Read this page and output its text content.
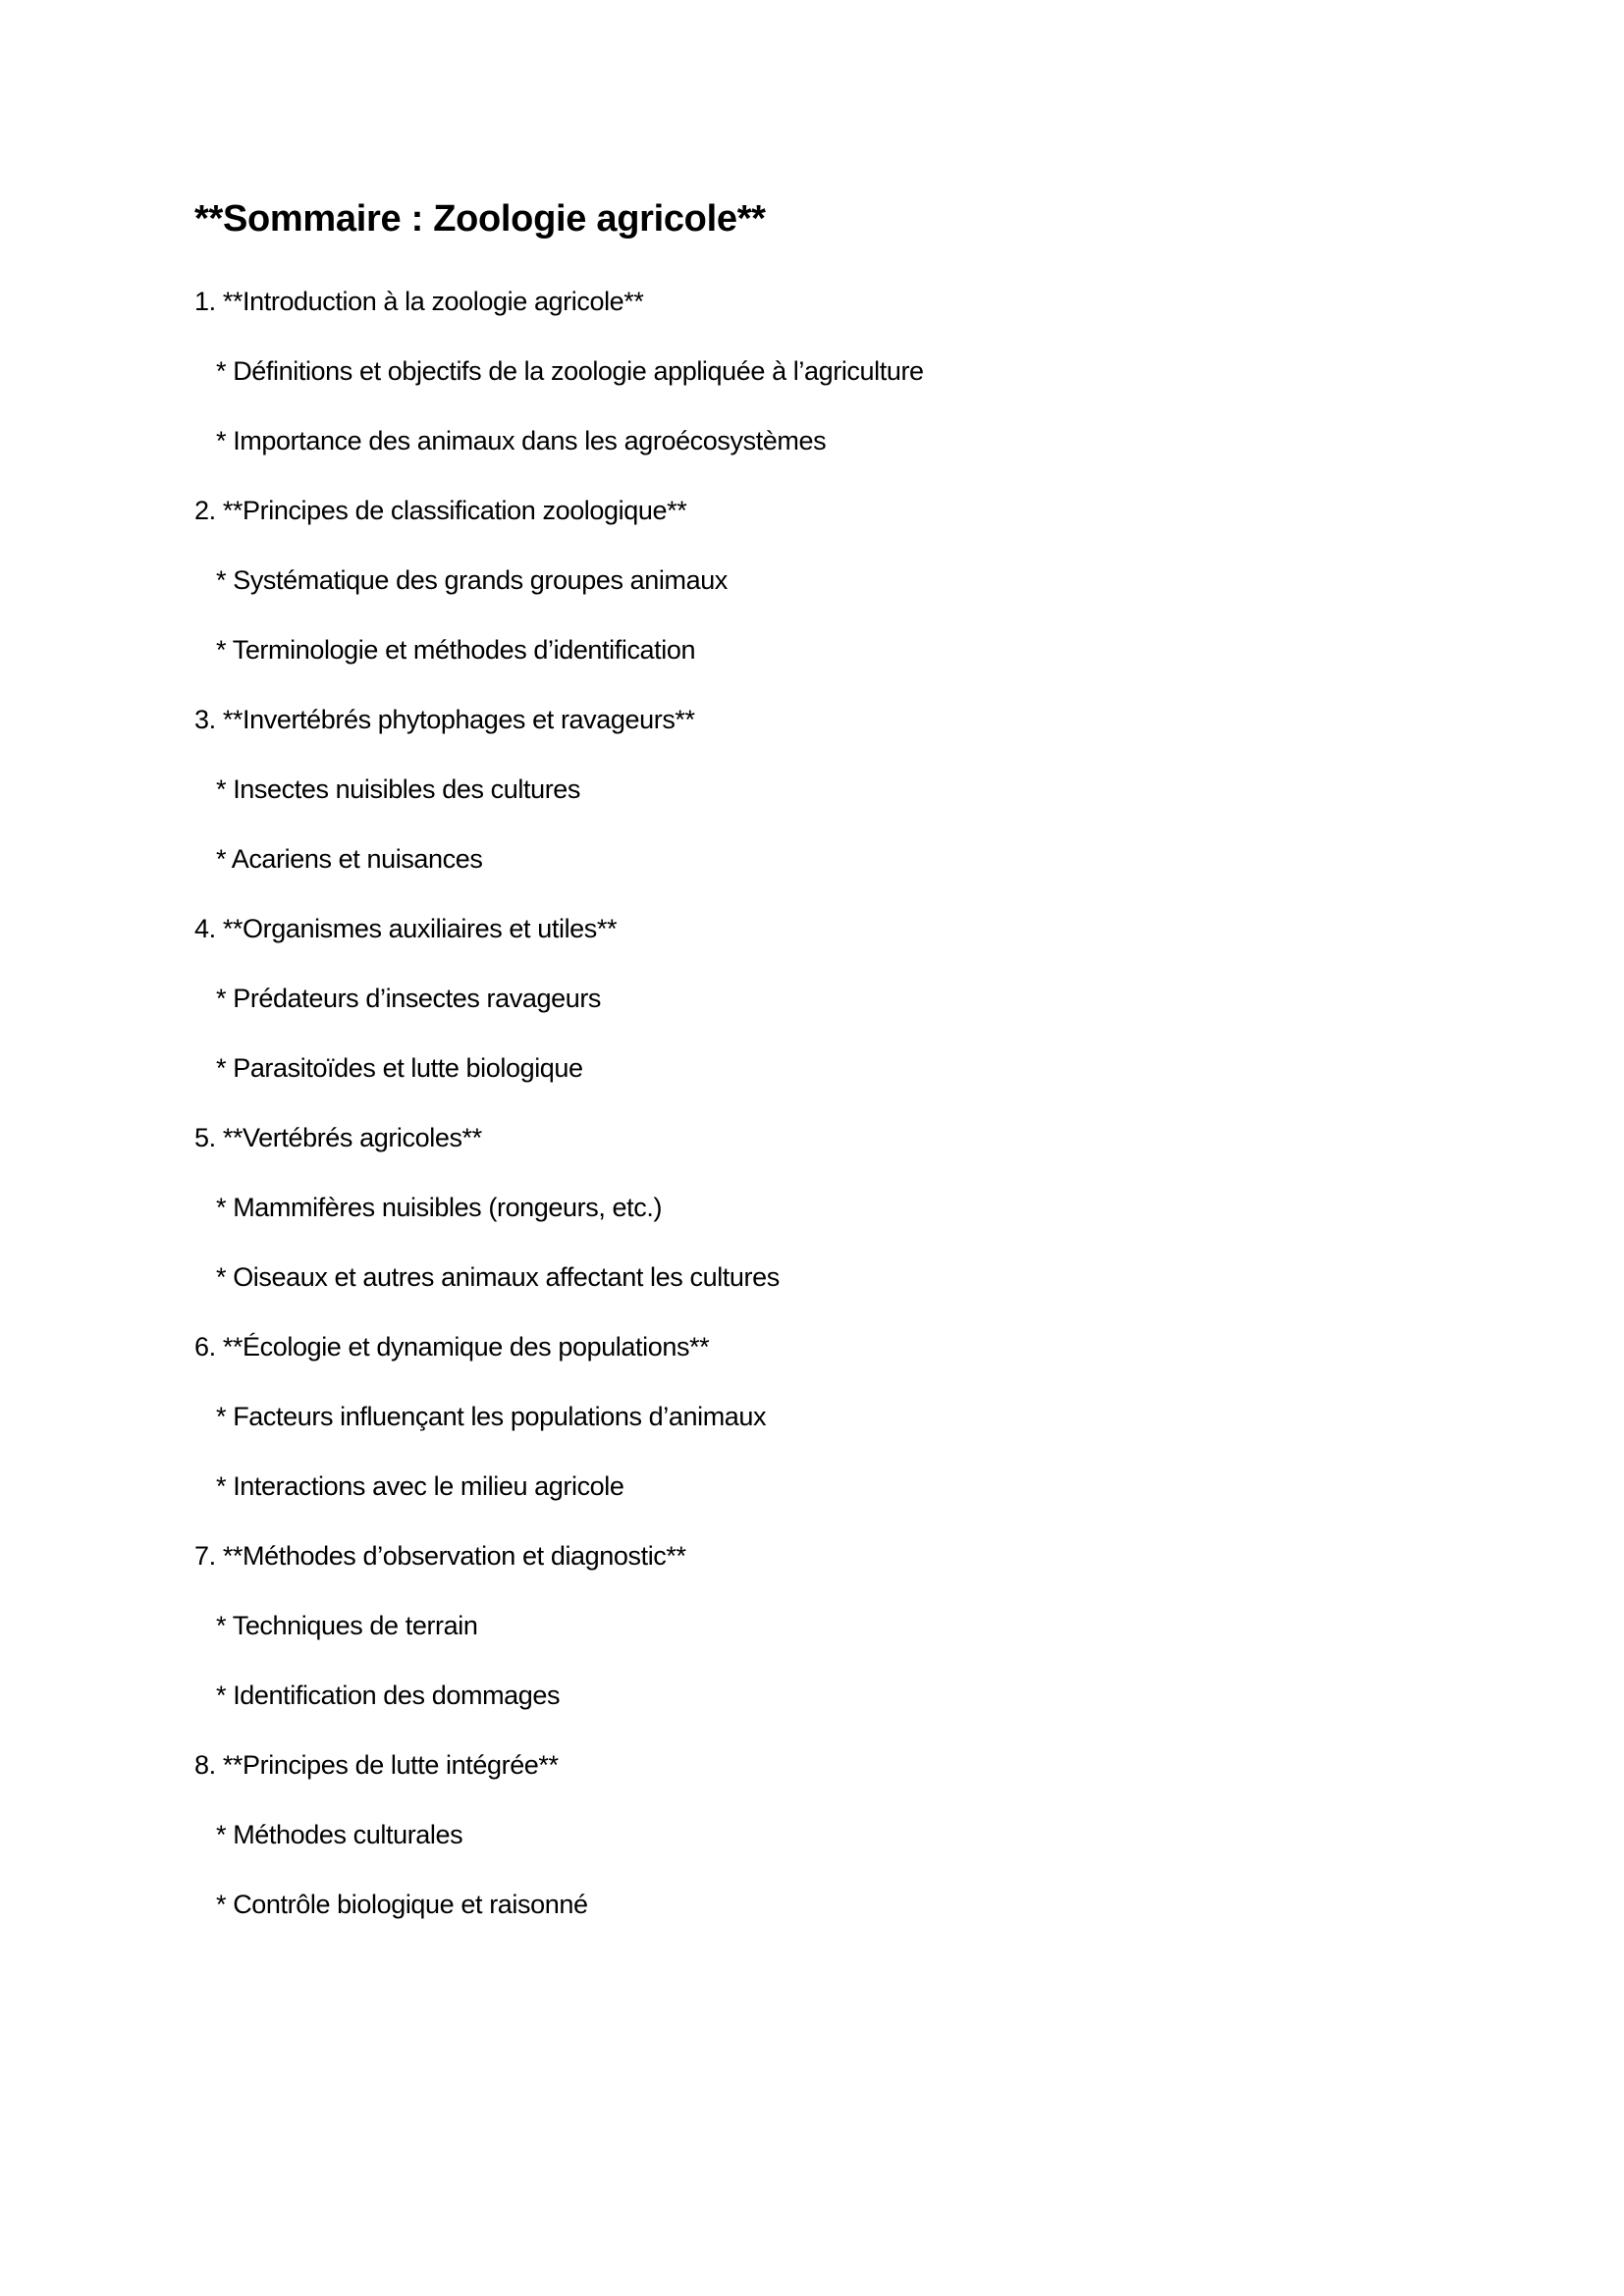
**Sommaire : Zoologie agricole**
1. **Introduction à la zoologie agricole**
* Définitions et objectifs de la zoologie appliquée à l’agriculture
* Importance des animaux dans les agroécosystèmes
2. **Principes de classification zoologique**
* Systématique des grands groupes animaux
* Terminologie et méthodes d’identification
3. **Invertébrés phytophages et ravageurs**
* Insectes nuisibles des cultures
* Acariens et nuisances
4. **Organismes auxiliaires et utiles**
* Prédateurs d’insectes ravageurs
* Parasitoïdes et lutte biologique
5. **Vertébrés agricoles**
* Mammifères nuisibles (rongeurs, etc.)
* Oiseaux et autres animaux affectant les cultures
6. **Écologie et dynamique des populations**
* Facteurs influençant les populations d’animaux
* Interactions avec le milieu agricole
7. **Méthodes d’observation et diagnostic**
* Techniques de terrain
* Identification des dommages
8. **Principes de lutte intégrée**
* Méthodes culturales
* Contrôle biologique et raisonné
